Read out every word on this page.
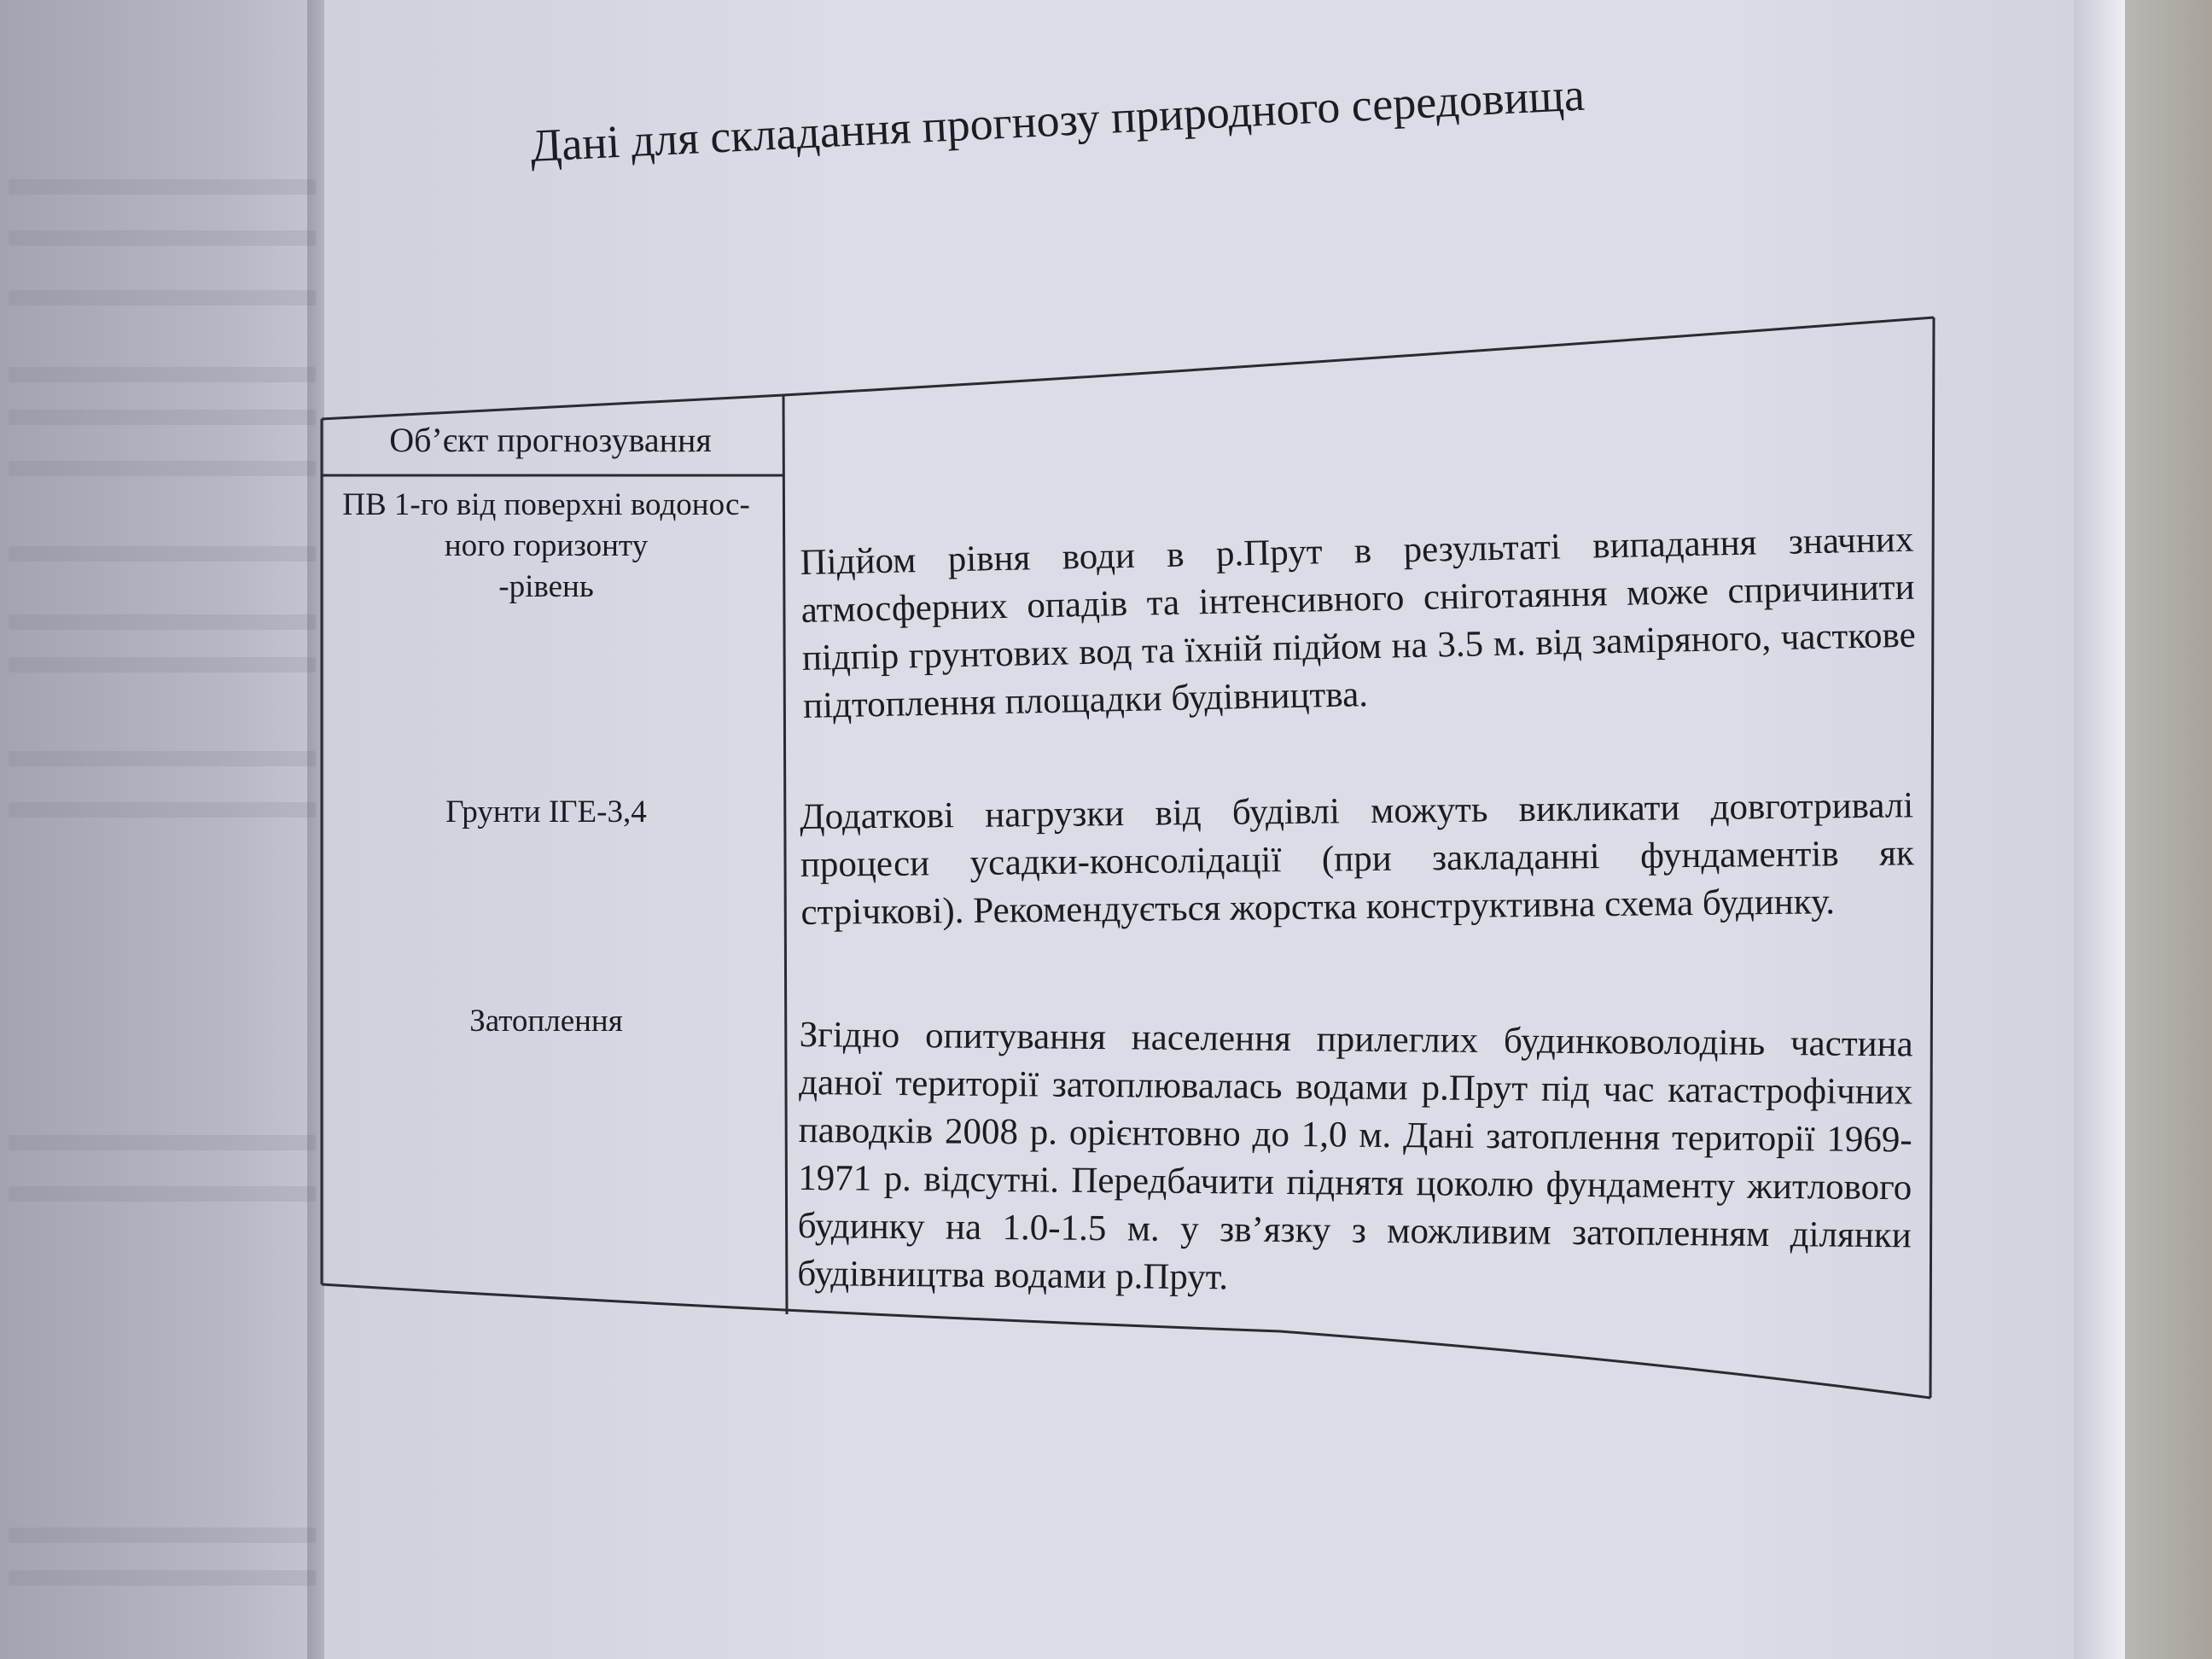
Дані для складання прогнозу природного середовища
Об’єкт прогнозування
ПВ 1-го від поверхні водонос-
ного горизонту
-рівень
Грунти ІГЕ-3,4
Затоплення
Підйом рівня води в р.Прут в результаті випадання значних атмосферних опадів та інтенсивного сніготаяння може спричинити підпір грунтових вод та їхній підйом на 3.5 м. від заміряного, часткове підтоплення площадки будівництва.
Додаткові нагрузки від будівлі можуть викликати довготривалі процеси усадки-консолідації (при закладанні фундаментів як стрічкові). Рекомендується жорстка конструктивна схема будинку.
Згідно опитування населення прилеглих будинковолодінь частина даної території затоплювалась водами р.Прут під час катастрофічних паводків 2008 р. орієнтовно до 1,0 м. Дані затоплення території 1969-1971 р. відсутні. Передбачити піднятя цоколю фундаменту житлового будинку на 1.0-1.5 м. у зв’язку з можливим затопленням ділянки будівництва водами р.Прут.
